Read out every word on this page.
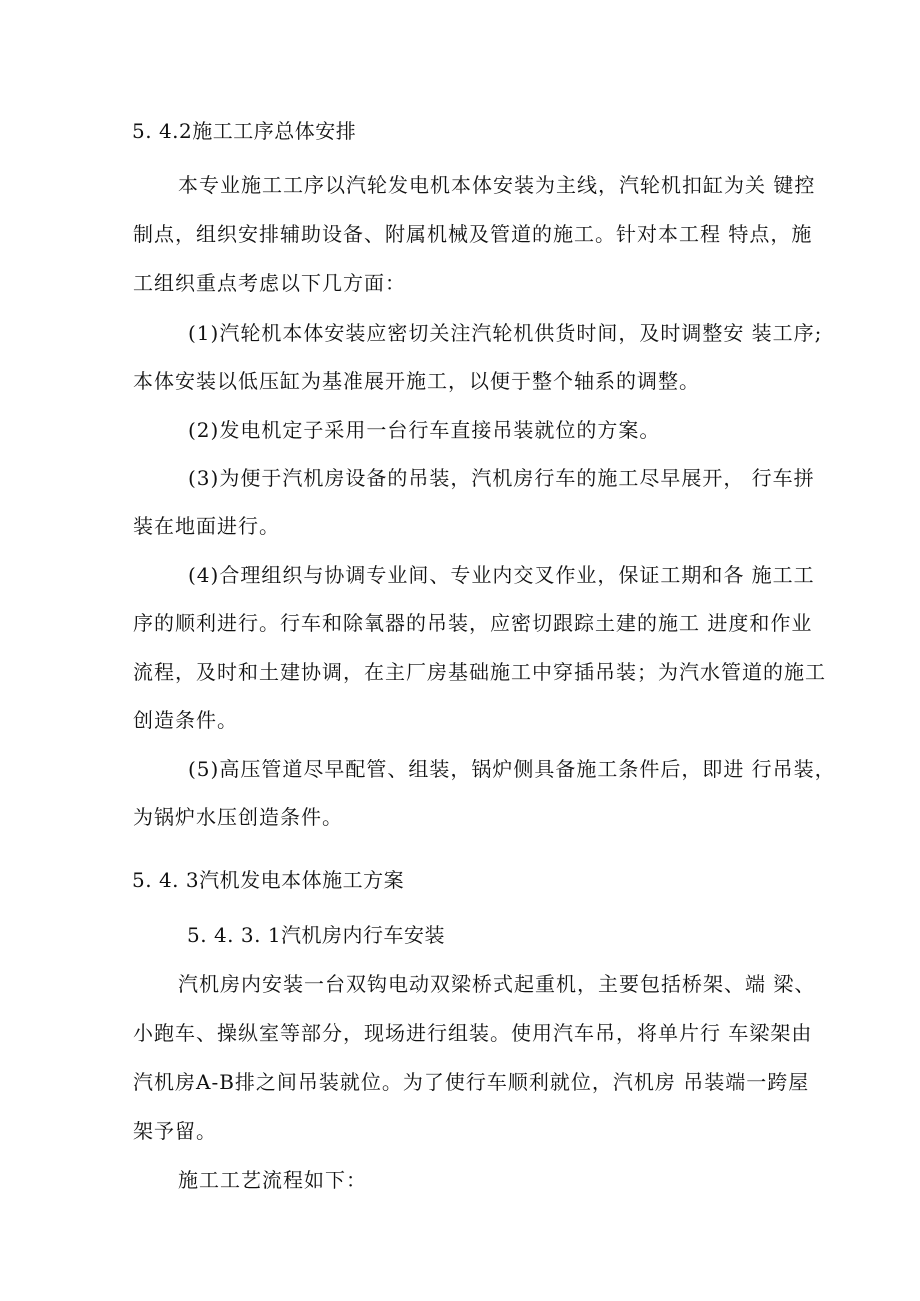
5. 4.2施工工序总体安排
本专业施工工序以汽轮发电机本体安装为主线，汽轮机扣缸为关 键控
制点，组织安排辅助设备、附属机械及管道的施工。针对本工程 特点，施
工组织重点考虑以下几方面：
(1)汽轮机本体安装应密切关注汽轮机供货时间，及时调整安 装工序;
本体安装以低压缸为基准展开施工，以便于整个轴系的调整。
(2)发电机定子采用一台行车直接吊装就位的方案。
(3)为便于汽机房设备的吊装，汽机房行车的施工尽早展开， 行车拼
装在地面进行。
(4)合理组织与协调专业间、专业内交叉作业，保证工期和各 施工工
序的顺利进行。行车和除氧器的吊装，应密切跟踪土建的施工 进度和作业
流程，及时和土建协调，在主厂房基础施工中穿插吊装；为汽水管道的施工
创造条件。
(5)高压管道尽早配管、组装，锅炉侧具备施工条件后，即进 行吊装，
为锅炉水压创造条件。
5. 4. 3汽机发电本体施工方案
5. 4. 3. 1汽机房内行车安装
汽机房内安装一台双钩电动双梁桥式起重机，主要包括桥架、端 梁、
小跑车、操纵室等部分，现场进行组装。使用汽车吊，将单片行 车梁架由
汽机房A-B排之间吊装就位。为了使行车顺利就位，汽机房 吊装端一跨屋
架予留。
施工工艺流程如下：
